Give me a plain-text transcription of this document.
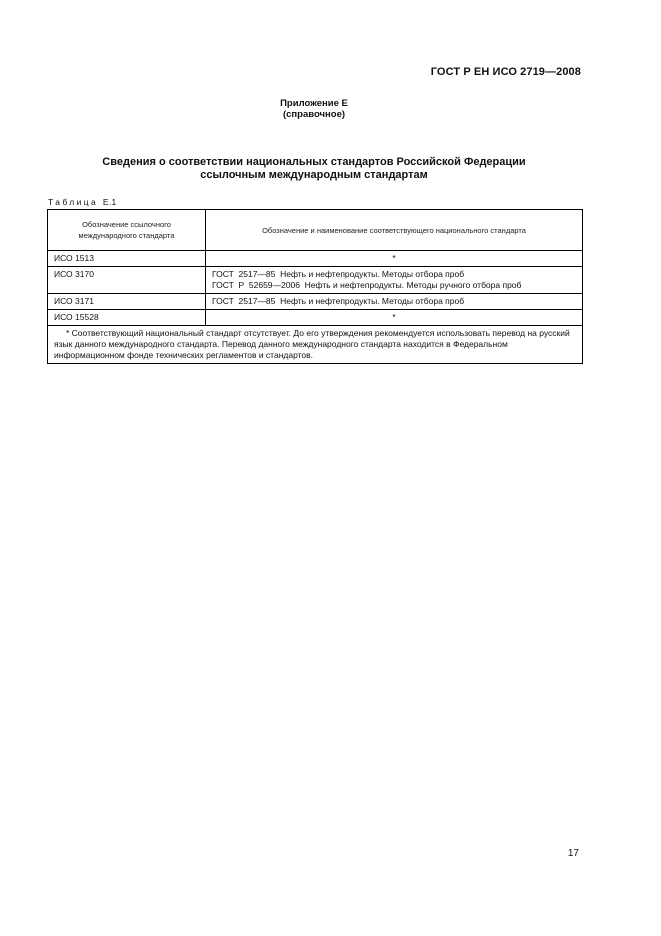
ГОСТ Р ЕН ИСО 2719—2008
Приложение Е
(справочное)
Сведения о соответствии национальных стандартов Российской Федерации
ссылочным международным стандартам
Таблица Е.1
Обозначение ссылочного международного стандарта	Обозначение и наименование соответствующего национального стандарта
ИСО 1513	*
ИСО 3170	ГОСТ  2517—85  Нефть и нефтепродукты. Методы отбора проб
ГОСТ  Р  52659—2006  Нефть и нефтепродукты. Методы ручного отбора проб

ИСО 3171	ГОСТ  2517—85  Нефть и нефтепродукты. Методы отбора проб
ИСО 15528	*
* Соответствующий национальный стандарт отсутствует. До его утверждения рекомендуется использовать перевод на русский язык данного международного стандарта. Перевод данного международного стандарта находится в Федеральном информационном фонде технических регламентов и стандартов.	
17
